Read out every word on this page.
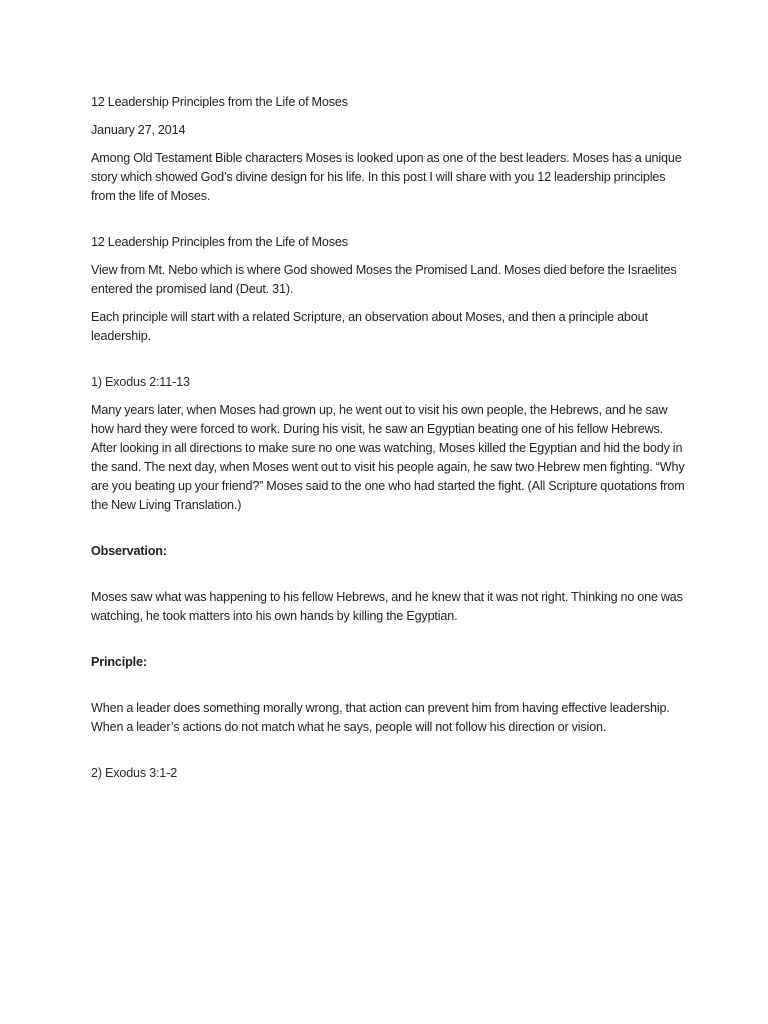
12 Leadership Principles from the Life of Moses

January 27, 2014

Among Old Testament Bible characters Moses is looked upon as one of the best leaders. Moses has a unique story which showed God’s divine design for his life. In this post I will share with you 12 leadership principles from the life of Moses.

12 Leadership Principles from the Life of Moses

View from Mt. Nebo which is where God showed Moses the Promised Land. Moses died before the Israelites entered the promised land (Deut. 31).

Each principle will start with a related Scripture, an observation about Moses, and then a principle about leadership.

1) Exodus 2:11-13

Many years later, when Moses had grown up, he went out to visit his own people, the Hebrews, and he saw how hard they were forced to work. During his visit, he saw an Egyptian beating one of his fellow Hebrews. After looking in all directions to make sure no one was watching, Moses killed the Egyptian and hid the body in the sand. The next day, when Moses went out to visit his people again, he saw two Hebrew men fighting. “Why are you beating up your friend?” Moses said to the one who had started the fight. (All Scripture quotations from the New Living Translation.)

Observation:

Moses saw what was happening to his fellow Hebrews, and he knew that it was not right. Thinking no one was watching, he took matters into his own hands by killing the Egyptian.

Principle:

When a leader does something morally wrong, that action can prevent him from having effective leadership. When a leader’s actions do not match what he says, people will not follow his direction or vision.

2) Exodus 3:1-2
